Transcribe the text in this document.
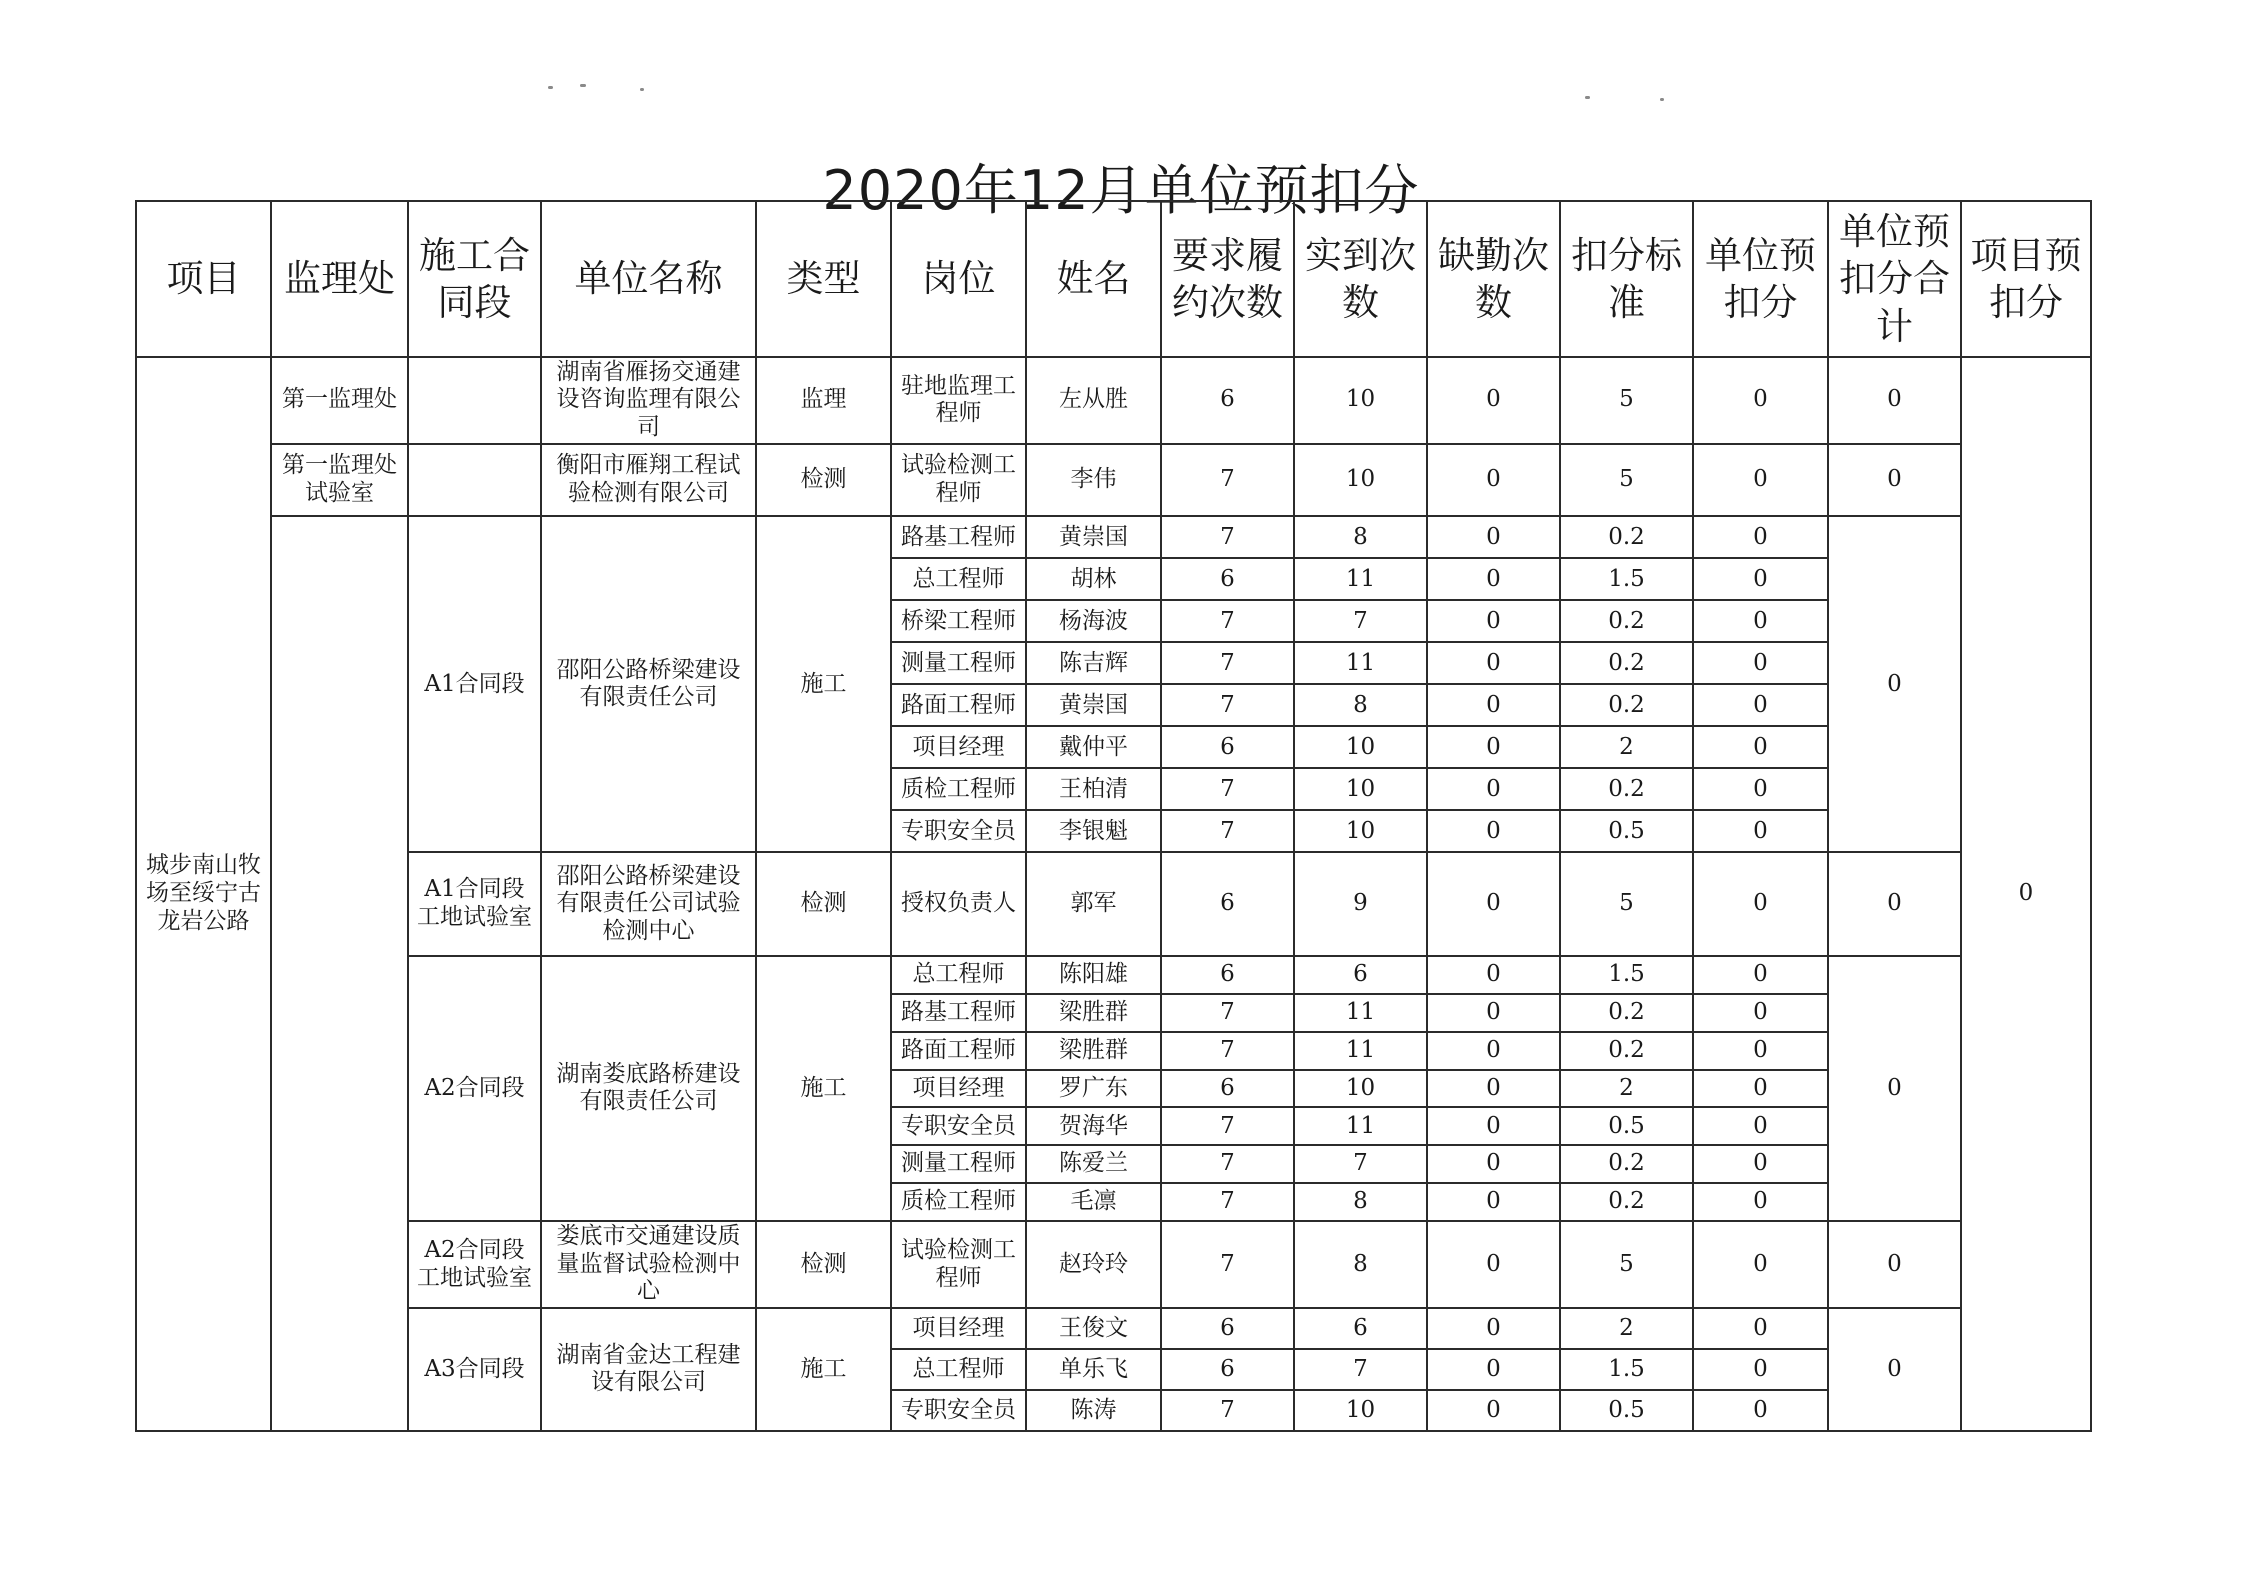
2020年12月单位预扣分
项目	监理处	施工合同段	单位名称	类型	岗位	姓名	要求履约次数	实到次数	缺勤次数	扣分标准	单位预扣分	单位预扣分合计	项目预扣分
城步南山牧场至绥宁古龙岩公路	第一监理处		湖南省雁扬交通建设咨询监理有限公司	监理	驻地监理工程师	左从胜	6	10	0	5	0	0	0
	第一监理处试验室		衡阳市雁翔工程试验检测有限公司	检测	试验检测工程师	李伟	7	10	0	5	0	0	
		A1合同段	邵阳公路桥梁建设有限责任公司	施工	路基工程师	黄崇国	7	8	0	0.2	0	0	
					总工程师	胡林	6	11	0	1.5	0		
					桥梁工程师	杨海波	7	7	0	0.2	0		
					测量工程师	陈吉辉	7	11	0	0.2	0		
					路面工程师	黄崇国	7	8	0	0.2	0		
					项目经理	戴仲平	6	10	0	2	0		
					质检工程师	王柏清	7	10	0	0.2	0		
					专职安全员	李银魁	7	10	0	0.5	0		
		A1合同段工地试验室	邵阳公路桥梁建设有限责任公司试验检测中心	检测	授权负责人	郭军	6	9	0	5	0	0	
		A2合同段	湖南娄底路桥建设有限责任公司	施工	总工程师	陈阳雄	6	6	0	1.5	0	0	
					路基工程师	梁胜群	7	11	0	0.2	0		
					路面工程师	梁胜群	7	11	0	0.2	0		
					项目经理	罗广东	6	10	0	2	0		
					专职安全员	贺海华	7	11	0	0.5	0		
					测量工程师	陈爱兰	7	7	0	0.2	0		
					质检工程师	毛凛	7	8	0	0.2	0		
		A2合同段工地试验室	娄底市交通建设质量监督试验检测中心	检测	试验检测工程师	赵玲玲	7	8	0	5	0	0	
		A3合同段	湖南省金达工程建设有限公司	施工	项目经理	王俊文	6	6	0	2	0	0	
					总工程师	单乐飞	6	7	0	1.5	0		
					专职安全员	陈涛	7	10	0	0.5	0		
